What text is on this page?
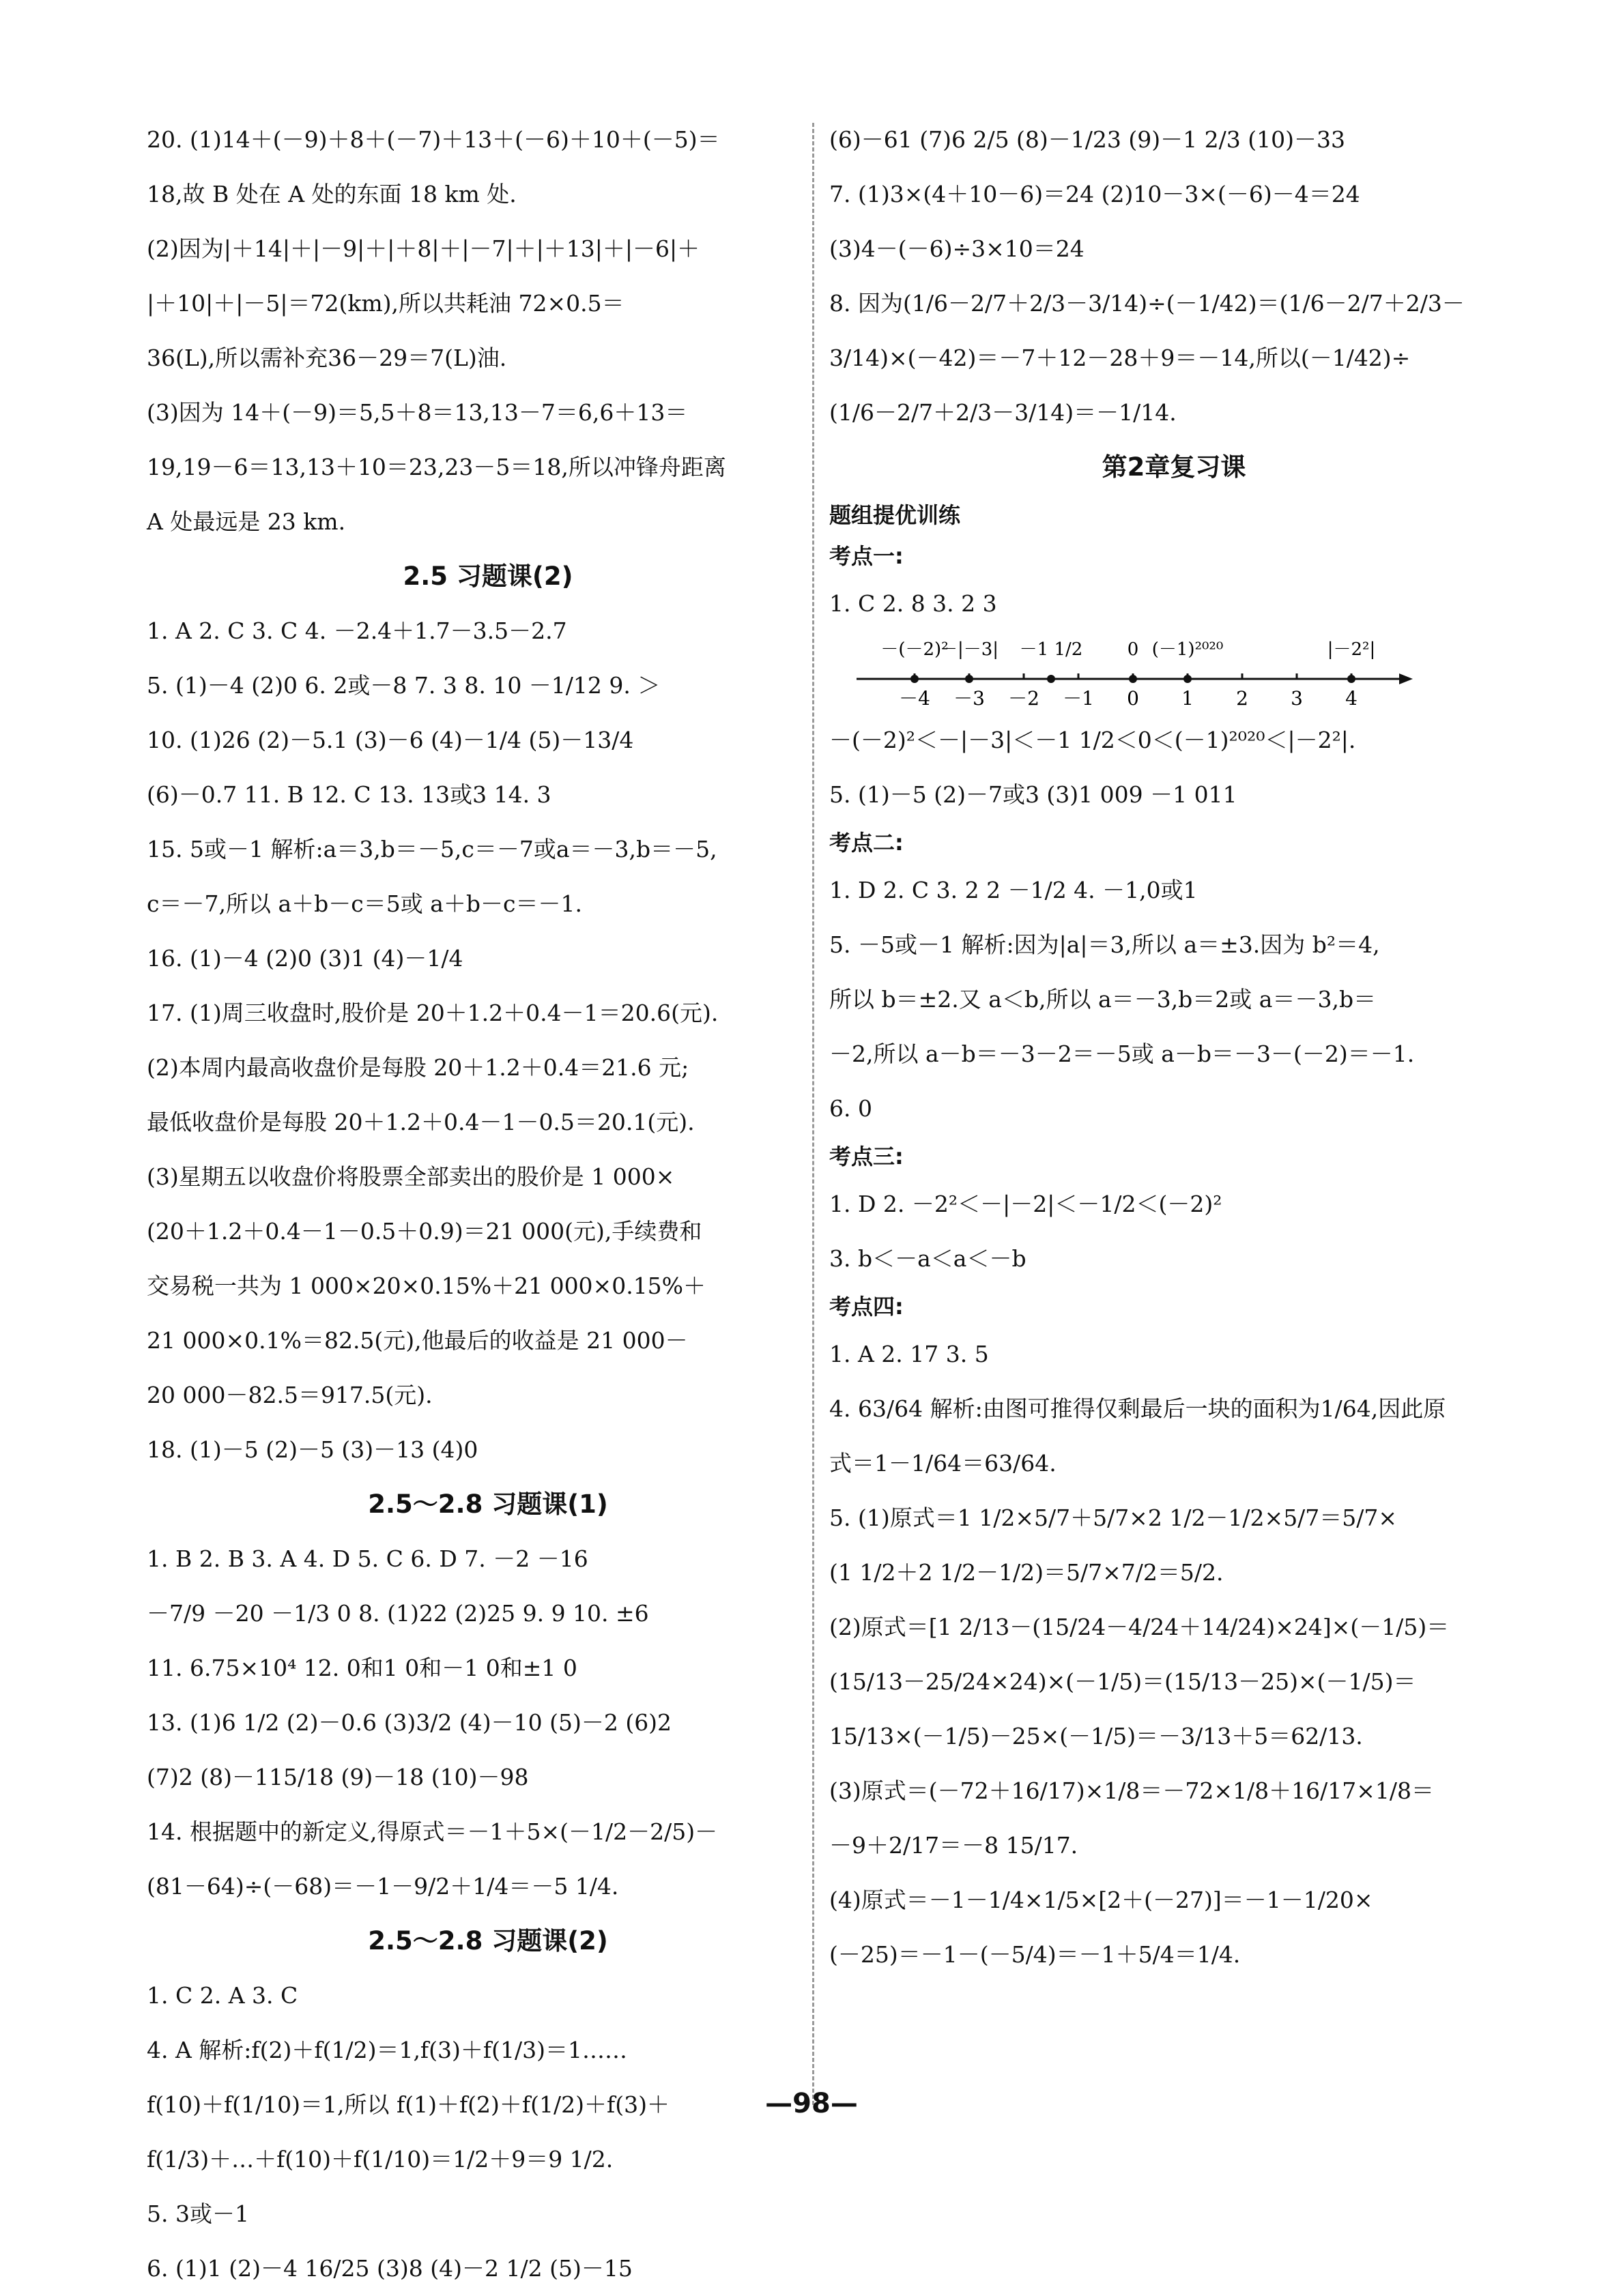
20. (1)14＋(－9)＋8＋(－7)＋13＋(－6)＋10＋(－5)＝
18,故 B 处在 A 处的东面 18 km 处.
(2)因为|＋14|＋|－9|＋|＋8|＋|－7|＋|＋13|＋|－6|＋
|＋10|＋|－5|＝72(km),所以共耗油 72×0.5＝
36(L),所以需补充36－29＝7(L)油.
(3)因为 14＋(－9)＝5,5＋8＝13,13－7＝6,6＋13＝
19,19－6＝13,13＋10＝23,23－5＝18,所以冲锋舟距离
A 处最远是 23 km.
2.5 习题课(2)
1. A 2. C 3. C 4. －2.4＋1.7－3.5－2.7
5. (1)－4 (2)0 6. 2或－8 7. 3 8. 10 －1/12 9. ＞
10. (1)26 (2)－5.1 (3)－6 (4)－1/4 (5)－13/4
(6)－0.7 11. B 12. C 13. 13或3 14. 3
15. 5或－1 解析:a＝3,b＝－5,c＝－7或a＝－3,b＝－5,
c＝－7,所以 a＋b－c＝5或 a＋b－c＝－1.
16. (1)－4 (2)0 (3)1 (4)－1/4
17. (1)周三收盘时,股价是 20＋1.2＋0.4－1＝20.6(元).
(2)本周内最高收盘价是每股 20＋1.2＋0.4＝21.6 元;
最低收盘价是每股 20＋1.2＋0.4－1－0.5＝20.1(元).
(3)星期五以收盘价将股票全部卖出的股价是 1 000×
(20＋1.2＋0.4－1－0.5＋0.9)＝21 000(元),手续费和
交易税一共为 1 000×20×0.15%＋21 000×0.15%＋
21 000×0.1%＝82.5(元),他最后的收益是 21 000－
20 000－82.5＝917.5(元).
18. (1)－5 (2)－5 (3)－13 (4)0
2.5～2.8 习题课(1)
1. B 2. B 3. A 4. D 5. C 6. D 7. －2 －16
－7/9 －20 －1/3 0 8. (1)22 (2)25 9. 9 10. ±6
11. 6.75×10⁴ 12. 0和1 0和－1 0和±1 0
13. (1)6 1/2 (2)－0.6 (3)3/2 (4)－10 (5)－2 (6)2
(7)2 (8)－115/18 (9)－18 (10)－98
14. 根据题中的新定义,得原式＝－1＋5×(－1/2－2/5)－
(81－64)÷(－68)＝－1－9/2＋1/4＝－5 1/4.
2.5～2.8 习题课(2)
1. C 2. A 3. C
4. A 解析:f(2)＋f(1/2)＝1,f(3)＋f(1/3)＝1……
f(10)＋f(1/10)＝1,所以 f(1)＋f(2)＋f(1/2)＋f(3)＋
f(1/3)＋…＋f(10)＋f(1/10)＝1/2＋9＝9 1/2.
5. 3或－1
6. (1)1 (2)－4 16/25 (3)8 (4)－2 1/2 (5)－15
(6)－61 (7)6 2/5 (8)－1/23 (9)－1 2/3 (10)－33
7. (1)3×(4＋10－6)＝24 (2)10－3×(－6)－4＝24
(3)4－(－6)÷3×10＝24
8. 因为(1/6－2/7＋2/3－3/14)÷(－1/42)＝(1/6－2/7＋2/3－
3/14)×(－42)＝－7＋12－28＋9＝－14,所以(－1/42)÷
(1/6－2/7＋2/3－3/14)＝－1/14.
第2章复习课
题组提优训练
考点一:
1. C 2. 8 3. 2 3
－4 －3 －2 －1 0 1 2 3 4
－(－2)²
－|－3| －1 1/2	0 (－1)²⁰²⁰	|－2²|
－(－2)²＜－|－3|＜－1 1/2＜0＜(－1)²⁰²⁰＜|－2²|.
5. (1)－5 (2)－7或3 (3)1 009 －1 011
考点二:
1. D 2. C 3. 2 2 －1/2 4. －1,0或1
5. －5或－1 解析:因为|a|＝3,所以 a＝±3.因为 b²＝4,
所以 b＝±2.又 a＜b,所以 a＝－3,b＝2或 a＝－3,b＝
－2,所以 a－b＝－3－2＝－5或 a－b＝－3－(－2)＝－1.
6. 0
考点三:
1. D 2. －2²＜－|－2|＜－1/2＜(－2)²
3. b＜－a＜a＜－b
考点四:
1. A 2. 17 3. 5
4. 63/64 解析:由图可推得仅剩最后一块的面积为1/64,因此原
式＝1－1/64＝63/64.
5. (1)原式＝1 1/2×5/7＋5/7×2 1/2－1/2×5/7＝5/7×
(1 1/2＋2 1/2－1/2)＝5/7×7/2＝5/2.
(2)原式＝[1 2/13－(15/24－4/24＋14/24)×24]×(－1/5)＝
(15/13－25/24×24)×(－1/5)＝(15/13－25)×(－1/5)＝
15/13×(－1/5)－25×(－1/5)＝－3/13＋5＝62/13.
(3)原式＝(－72＋16/17)×1/8＝－72×1/8＋16/17×1/8＝
－9＋2/17＝－8 15/17.
(4)原式＝－1－1/4×1/5×[2＋(－27)]＝－1－1/20×
(－25)＝－1－(－5/4)＝－1＋5/4＝1/4.
—98—
